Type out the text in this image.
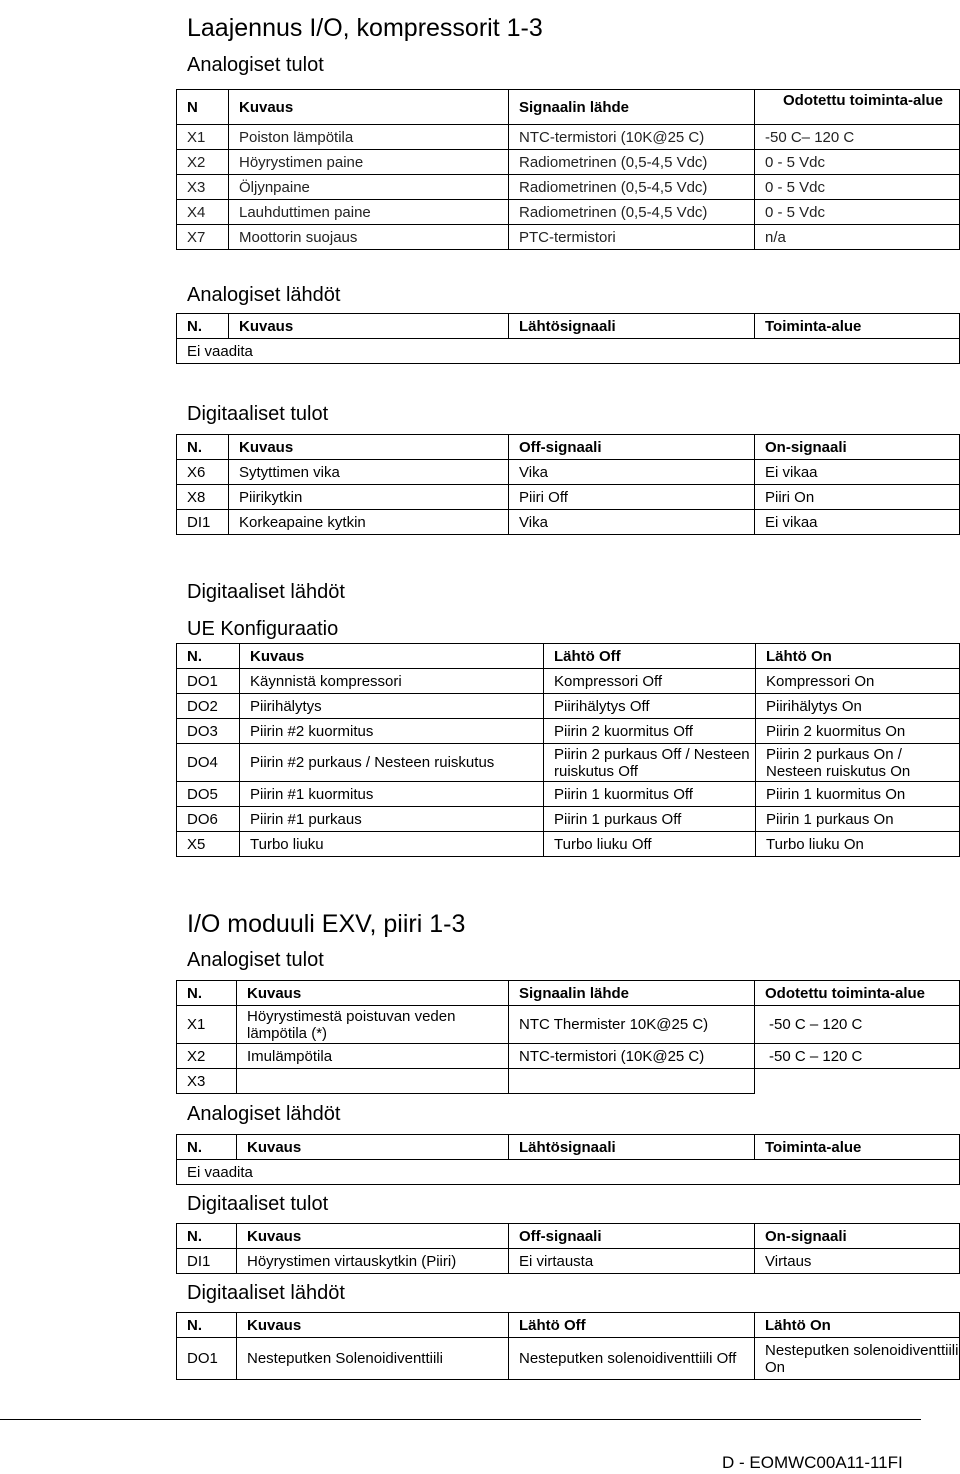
Laajennus I/O, kompressorit 1-3
Analogiset tulot
N	Kuvaus	Signaalin lähde	Odotettu toiminta-alue
X1	Poiston lämpötila	NTC-termistori (10K@25 C)	-50 C– 120 C
X2	Höyrystimen paine	Radiometrinen (0,5-4,5 Vdc)	0 - 5 Vdc
X3	Öljynpaine	Radiometrinen (0,5-4,5 Vdc)	0 - 5 Vdc
X4	Lauhduttimen paine	Radiometrinen (0,5-4,5 Vdc)	0 - 5 Vdc
X7	Moottorin suojaus	PTC-termistori	n/a
Analogiset lähdöt
N.	Kuvaus	Lähtösignaali	Toiminta-alue
Ei vaadita
Digitaaliset tulot
N.	Kuvaus	Off-signaali	On-signaali
X6	Sytyttimen vika	Vika	Ei vikaa
X8	Piirikytkin	Piiri Off	Piiri On
DI1	Korkeapaine kytkin	Vika	Ei vikaa
Digitaaliset lähdöt
UE Konfiguraatio
N.	Kuvaus	Lähtö Off	Lähtö On
DO1	Käynnistä kompressori	Kompressori Off	Kompressori On
DO2	Piirihälytys	Piirihälytys Off	Piirihälytys On
DO3	Piirin #2 kuormitus	Piirin 2 kuormitus Off	Piirin 2 kuormitus On
DO4	Piirin #2 purkaus / Nesteen ruiskutus	Piirin 2 purkaus Off / Nesteen ruiskutus Off	Piirin 2 purkaus On / Nesteen ruiskutus On
DO5	Piirin #1 kuormitus	Piirin 1 kuormitus Off	Piirin 1 kuormitus On
DO6	Piirin #1 purkaus	Piirin 1 purkaus Off	Piirin 1 purkaus On
X5	Turbo liuku	Turbo liuku Off	Turbo liuku On
I/O moduuli EXV, piiri 1-3
Analogiset tulot
N.	Kuvaus	Signaalin lähde	Odotettu toiminta-alue
X1	Höyrystimestä poistuvan veden lämpötila (*)	NTC Thermister 10K@25 C)	-50 C – 120 C
X2	Imulämpötila	NTC-termistori (10K@25 C)	-50 C – 120 C
X3			
Analogiset lähdöt
N.	Kuvaus	Lähtösignaali	Toiminta-alue
Ei vaadita
Digitaaliset tulot
N.	Kuvaus	Off-signaali	On-signaali
DI1	Höyrystimen virtauskytkin (Piiri)	Ei virtausta	Virtaus
Digitaaliset lähdöt
N.	Kuvaus	Lähtö Off	Lähtö On
DO1	Nesteputken Solenoidiventtiili	Nesteputken solenoidiventtiili Off	Nesteputken solenoidiventtiili On
D - EOMWC00A11-11FI
